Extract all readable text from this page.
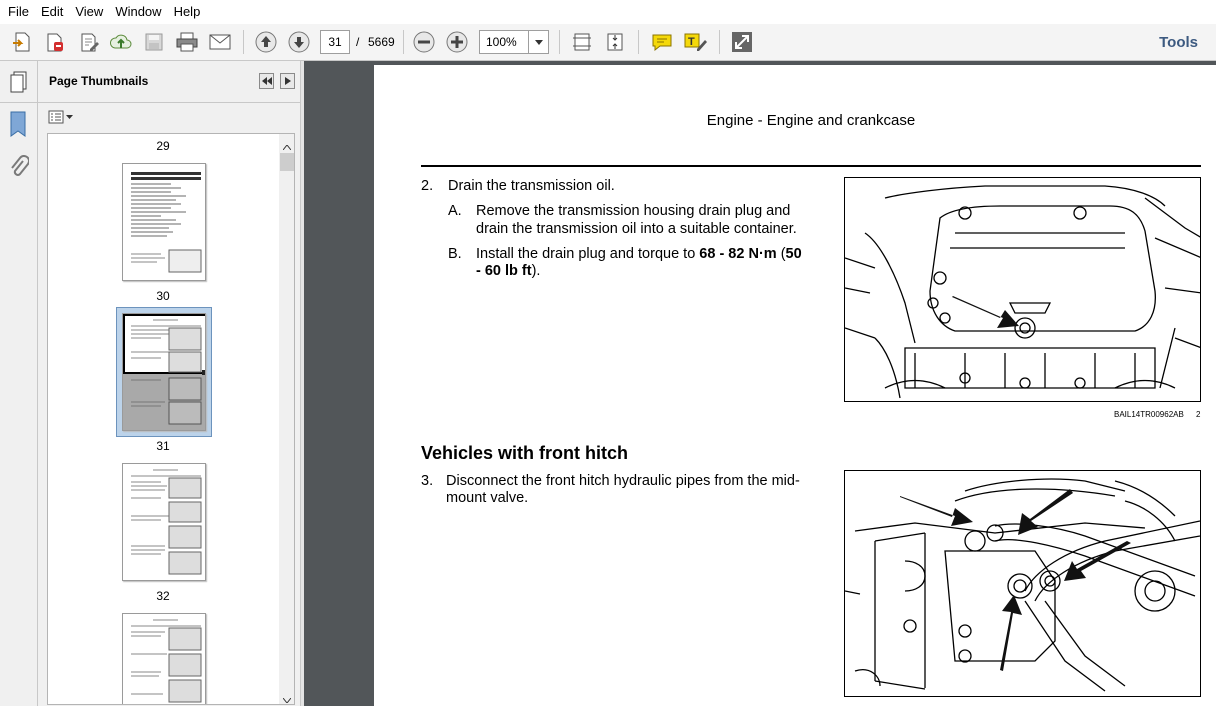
File Edit View Window Help
31	/ 5669	100%	T	Tools
Page Thumbnails
29
30
31
32
Engine - Engine and crankcase
2. Drain the transmission oil.
A. Remove the transmission housing drain plug and
drain the transmission oil into a suitable container.
B. Install the drain plug and torque to 68 - 82 N·m (50
- 60 lb ft).
BAIL14TR00962AB 2
Vehicles with front hitch
3. Disconnect the front hitch hydraulic pipes from the mid-
mount valve.
